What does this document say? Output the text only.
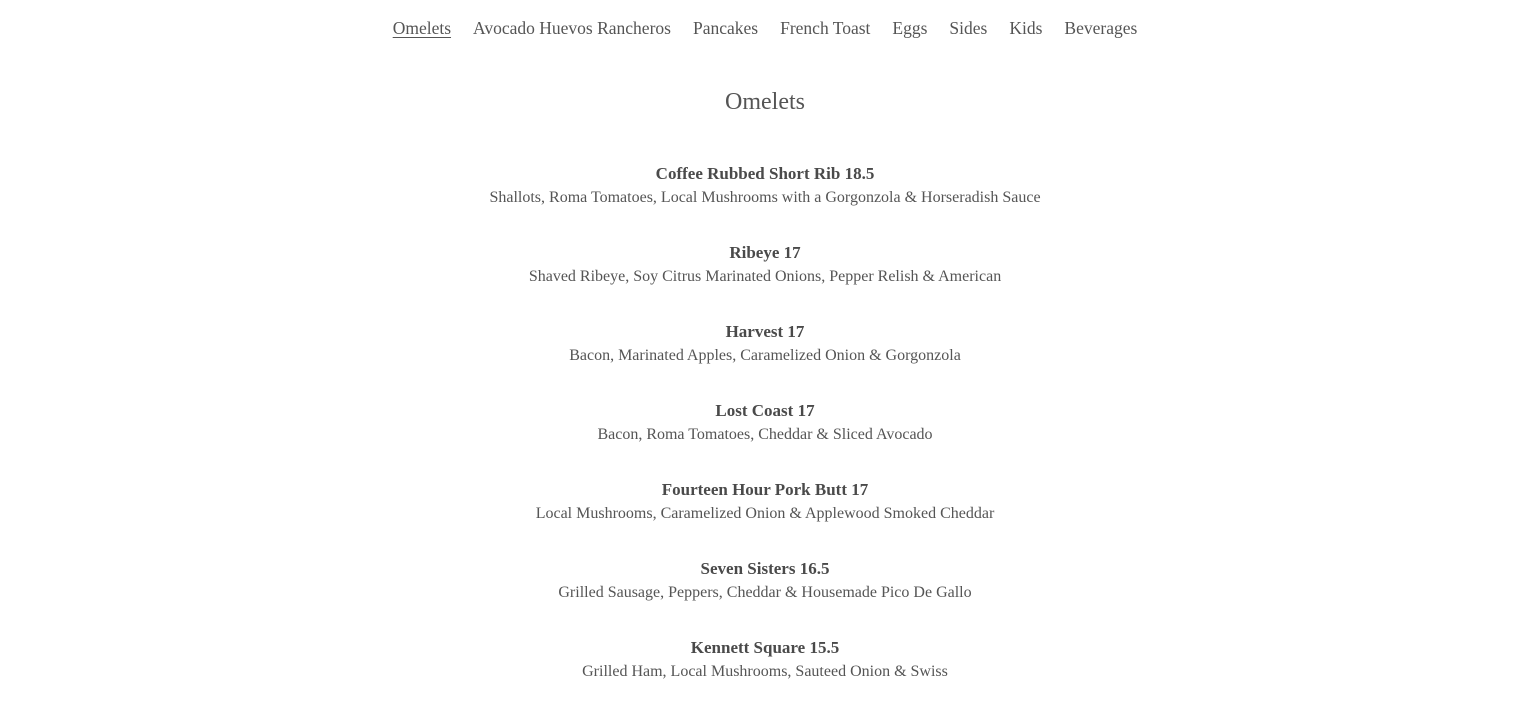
Omelets Avocado Huevos Rancheros Pancakes French Toast Eggs Sides Kids Beverages
Omelets
Coffee Rubbed Short Rib 18.5
Shallots, Roma Tomatoes, Local Mushrooms with a Gorgonzola & Horseradish Sauce
Ribeye 17
Shaved Ribeye, Soy Citrus Marinated Onions, Pepper Relish & American
Harvest 17
Bacon, Marinated Apples, Caramelized Onion & Gorgonzola
Lost Coast 17
Bacon, Roma Tomatoes, Cheddar & Sliced Avocado
Fourteen Hour Pork Butt 17
Local Mushrooms, Caramelized Onion & Applewood Smoked Cheddar
Seven Sisters 16.5
Grilled Sausage, Peppers, Cheddar & Housemade Pico De Gallo
Kennett Square 15.5
Grilled Ham, Local Mushrooms, Sauteed Onion & Swiss
